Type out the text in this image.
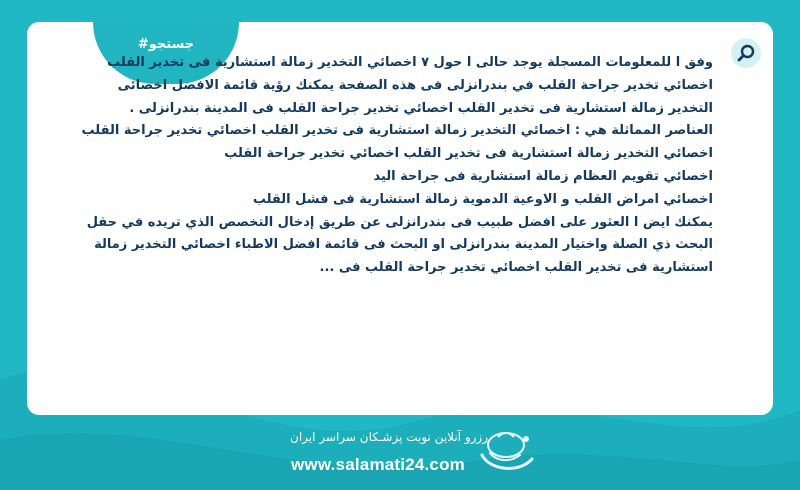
#جستجو

وفق ا للمعلومات المسجلة يوجد حالی ا حول ٧ اخصائي التخدير زمالة استشارية فی تخدير القلب اخصائي تخدير جراحة القلب في بندرانزلی فی هذه الصفحة يمكنك رؤية قائمة الافضل اخصائی التخدير زمالة استشارية فی تخدير القلب اخصائي تخدير جراحة القلب فی المدينة بندرانزلی .

العناصر المماثلة هي : اخصائي التخدير زمالة استشارية فی تخدير القلب اخصائي تخدير جراحة القلب

اخصائي التخدير زمالة استشارية فی تخدير القلب اخصائي تخدير جراحة القلب

اخصائي تقويم العظام زمالة استشارية فی جراحة اليد

اخصائي امراض القلب و الاوعية الدموية زمالة استشارية فی فشل القلب

يمكنك ايض ا العثور علی افضل طبيب فی بندرانزلی عن طريق إدخال التخصص الذي تريده في حقل البحث ذي الصلة واختيار المدينة بندرانزلی او البحث فی قائمة افضل الاطباء اخصائي التخدير زمالة استشارية فی تخدير القلب اخصائي تخدير جراحة القلب فی ...

رزرو آنلاین نوبت پزشـکان سراسر ایران
www.salamati24.com
